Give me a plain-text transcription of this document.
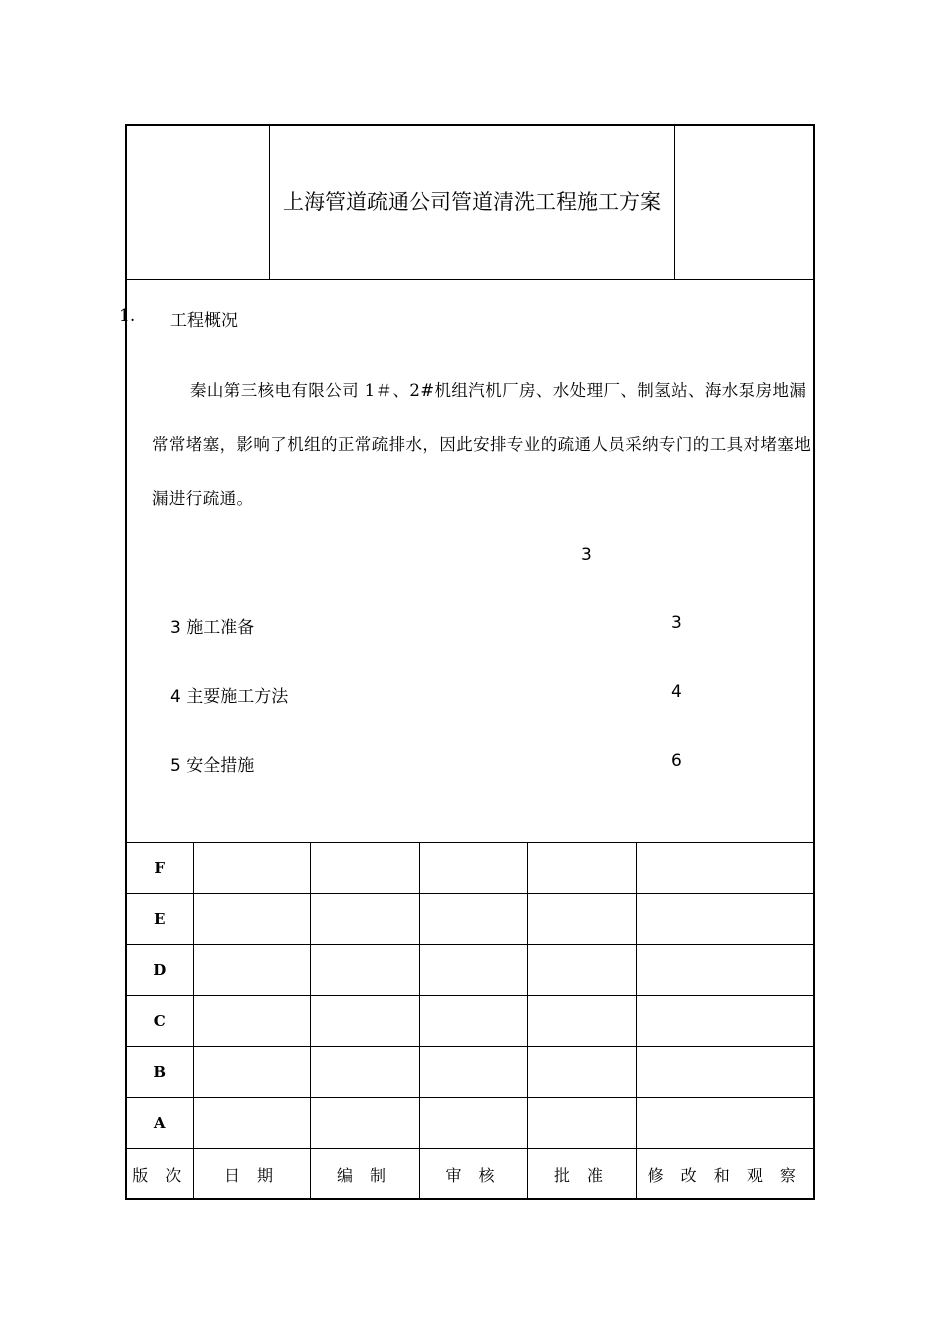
上海管道疏通公司管道清洗工程施工方案
F					
E					
D					
C					
B					
A					
版 次	日 期	编 制	审 核	批 准	修 改 和 观 察
1. 工程概况
秦山第三核电有限公司 1＃、2#机组汽机厂房、水处理厂、制氢站、海水泵房地漏常常堵塞，影响了机组的正常疏排水，因此安排专业的疏通人员采纳专门的工具对堵塞地漏进行疏通。
3
3 施工准备	3
4 主要施工方法	4
5 安全措施	6
